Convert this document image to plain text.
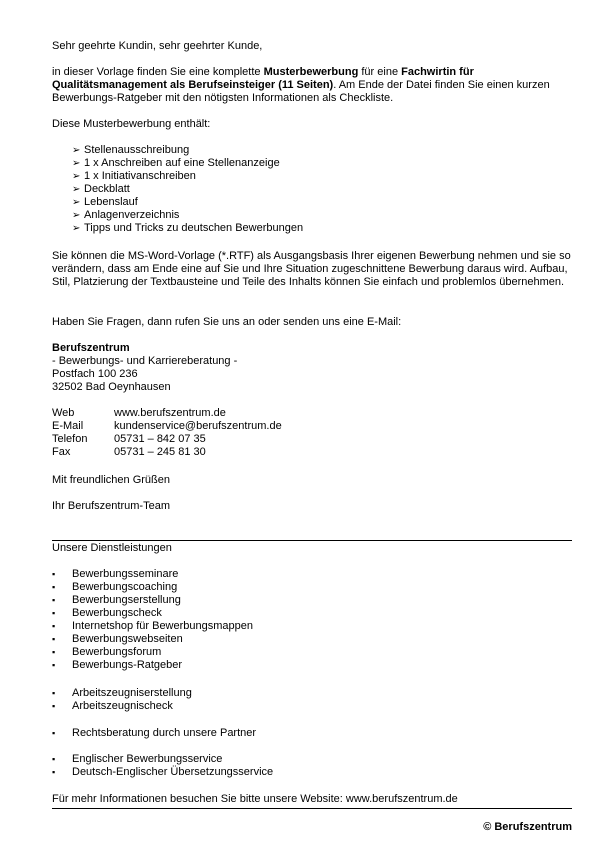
Sehr geehrte Kundin, sehr geehrter Kunde,

in dieser Vorlage finden Sie eine komplette Musterbewerbung für eine Fachwirtin für Qualitätsmanagement als Berufseinsteiger (11 Seiten). Am Ende der Datei finden Sie einen kurzen Bewerbungs-Ratgeber mit den nötigsten Informationen als Checkliste.

Diese Musterbewerbung enthält:

➢ Stellenausschreibung
➢ 1 x Anschreiben auf eine Stellenanzeige
➢ 1 x Initiativanschreiben
➢ Deckblatt
➢ Lebenslauf
➢ Anlagenverzeichnis
➢ Tipps und Tricks zu deutschen Bewerbungen

Sie können die MS-Word-Vorlage (*.RTF) als Ausgangsbasis Ihrer eigenen Bewerbung nehmen und sie so verändern, dass am Ende eine auf Sie und Ihre Situation zugeschnittene Bewerbung daraus wird. Aufbau, Stil, Platzierung der Textbausteine und Teile des Inhalts können Sie einfach und problemlos übernehmen.

Haben Sie Fragen, dann rufen Sie uns an oder senden uns eine E-Mail:

Berufszentrum
- Bewerbungs- und Karriereberatung -
Postfach 100 236
32502 Bad Oeynhausen
Web	www.berufszentrum.de
E-Mail	kundenservice@berufszentrum.de
Telefon	05731 – 842 07 35
Fax	05731 – 245 81 30

Mit freundlichen Grüßen

Ihr Berufszentrum-Team

Unsere Dienstleistungen

▪ Bewerbungsseminare
▪ Bewerbungscoaching
▪ Bewerbungserstellung
▪ Bewerbungscheck
▪ Internetshop für Bewerbungsmappen
▪ Bewerbungswebseiten
▪ Bewerbungsforum
▪ Bewerbungs-Ratgeber
▪ Arbeitszeugniserstellung
▪ Arbeitszeugnischeck
▪ Rechtsberatung durch unsere Partner
▪ Englischer Bewerbungsservice
▪ Deutsch-Englischer Übersetzungsservice

Für mehr Informationen besuchen Sie bitte unsere Website: www.berufszentrum.de

© Berufszentrum
